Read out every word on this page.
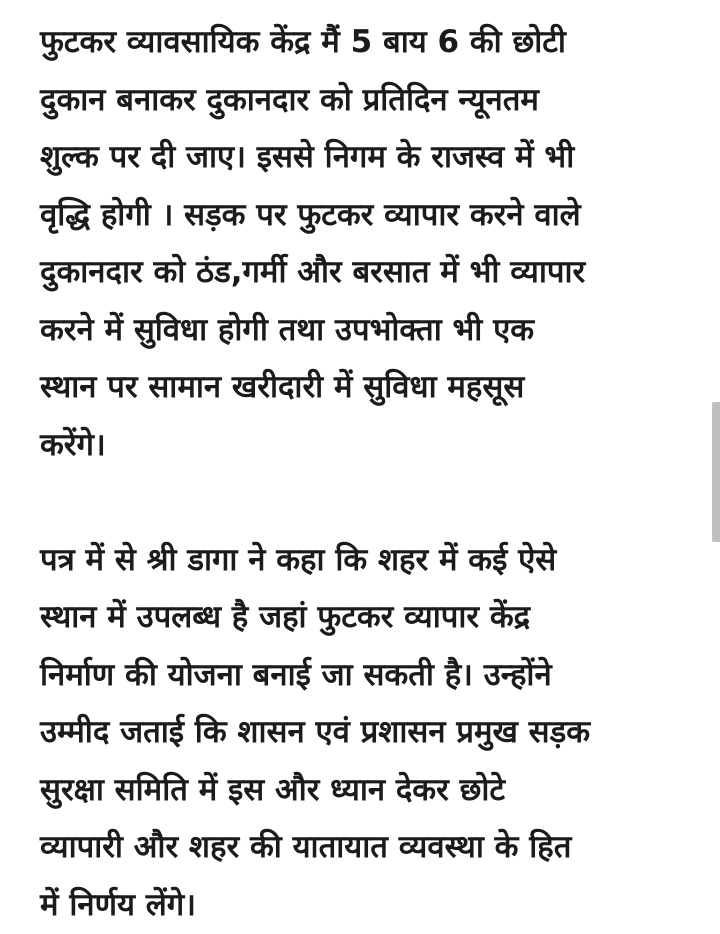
फुटकर व्यावसायिक केंद्र मैं 5 बाय 6 की छोटी
दुकान बनाकर दुकानदार को प्रतिदिन न्यूनतम
शुल्क पर दी जाए। इससे निगम के राजस्व में भी
वृद्धि होगी । सड़क पर फुटकर व्यापार करने वाले
दुकानदार को ठंड,गर्मी और बरसात में भी व्यापार
करने में सुविधा होगी तथा उपभोक्ता भी एक
स्थान पर सामान खरीदारी में सुविधा महसूस
करेंगे।
पत्र में से श्री डागा ने कहा कि शहर में कई ऐसे
स्थान में उपलब्ध है जहां फुटकर व्यापार केंद्र
निर्माण की योजना बनाई जा सकती है। उन्होंने
उम्मीद जताई कि शासन एवं प्रशासन प्रमुख सड़क
सुरक्षा समिति में इस और ध्यान देकर छोटे
व्यापारी और शहर की यातायात व्यवस्था के हित
में निर्णय लेंगे।
